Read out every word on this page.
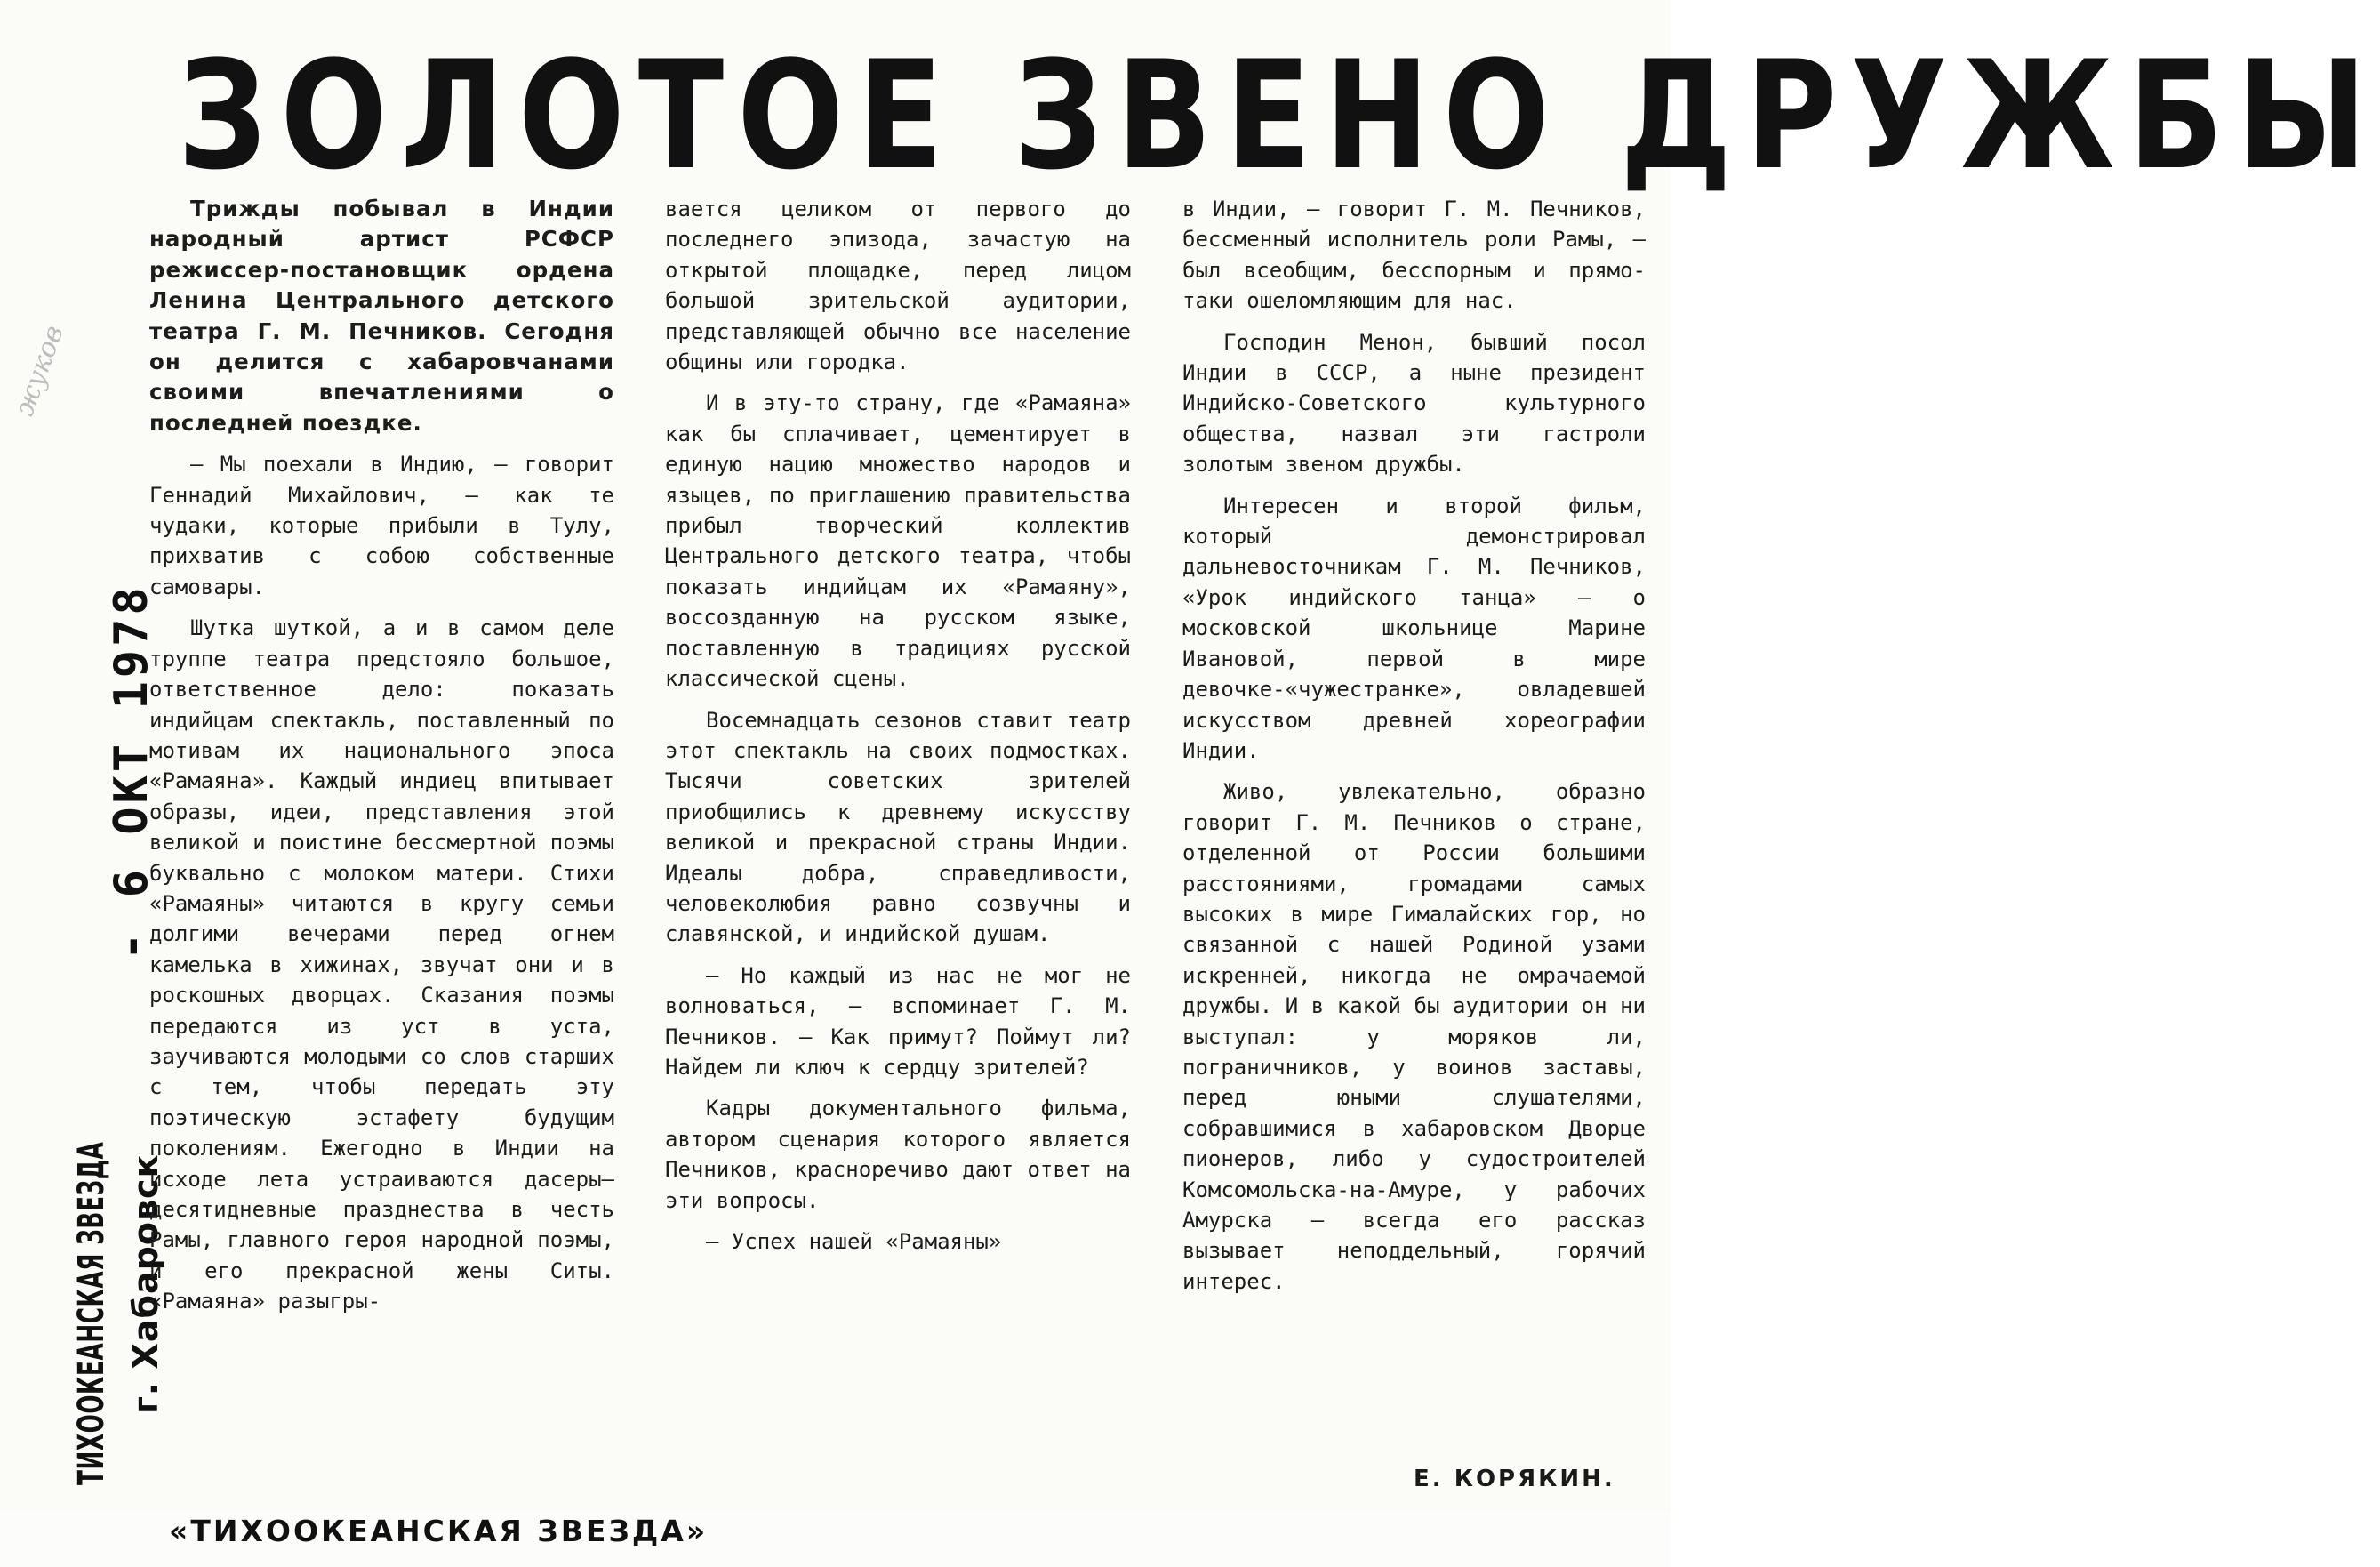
жуков
ЗОЛОТОЕ ЗВЕНО ДРУЖБЫ
- 6 ОКТ 1978
ТИХООКЕАНСКАЯ ЗВЕЗДА г. Хабаровск

Трижды побывал в Индии народный артист РСФСР режиссер-постановщик ордена Ленина Центрального детского театра Г. М. Печников. Сегодня он делится с хабаровчанами своими впечатлениями о последней поездке.

— Мы поехали в Индию, — говорит Геннадий Михайлович, — как те чудаки, которые прибыли в Тулу, прихватив с собою собственные самовары.

Шутка шуткой, а и в самом деле труппе театра предстояло большое, ответственное дело: показать индийцам спектакль, поставленный по мотивам их национального эпоса «Рамаяна». Каждый индиец впитывает образы, идеи, представления этой великой и поистине бессмертной поэмы буквально с молоком матери. Стихи «Рамаяны» читаются в кругу семьи долгими вечерами перед огнем камелька в хижинах, звучат они и в роскошных дворцах. Сказания поэмы передаются из уст в уста, заучиваются молодыми со слов старших с тем, чтобы передать эту поэтическую эстафету будущим поколениям. Ежегодно в Индии на исходе лета устраиваются дасеры—десятидневные празднества в честь Рамы, главного героя народной поэмы, и его прекрасной жены Ситы. «Рамаяна» разыгры-

вается целиком от первого до последнего эпизода, зачастую на открытой площадке, перед лицом большой зрительской аудитории, представляющей обычно все население общины или городка.

И в эту-то страну, где «Рамаяна» как бы сплачивает, цементирует в единую нацию множество народов и языцев, по приглашению правительства прибыл творческий коллектив Центрального детского театра, чтобы показать индийцам их «Рамаяну», воссозданную на русском языке, поставленную в традициях русской классической сцены.

Восемнадцать сезонов ставит театр этот спектакль на своих подмостках. Тысячи советских зрителей приобщились к древнему искусству великой и прекрасной страны Индии. Идеалы добра, справедливости, человеколюбия равно созвучны и славянской, и индийской душам.

— Но каждый из нас не мог не волноваться, — вспоминает Г. М. Печников. — Как примут? Поймут ли? Найдем ли ключ к сердцу зрителей?

Кадры документального фильма, автором сценария которого является Печников, красноречиво дают ответ на эти вопросы.

— Успех нашей «Рамаяны»

в Индии, — говорит Г. М. Печников, бессменный исполнитель роли Рамы, — был всеобщим, бесспорным и прямо-таки ошеломляющим для нас.

Господин Менон, бывший посол Индии в СССР, а ныне президент Индийско-Советского культурного общества, назвал эти гастроли золотым звеном дружбы.

Интересен и второй фильм, который демонстрировал дальневосточникам Г. М. Печников, «Урок индийского танца» — о московской школьнице Марине Ивановой, первой в мире девочке-«чужестранке», овладевшей искусством древней хореографии Индии.

Живо, увлекательно, образно говорит Г. М. Печников о стране, отделенной от России большими расстояниями, громадами самых высоких в мире Гималайских гор, но связанной с нашей Родиной узами искренней, никогда не омрачаемой дружбы. И в какой бы аудитории он ни выступал: у моряков ли, пограничников, у воинов заставы, перед юными слушателями, собравшимися в хабаровском Дворце пионеров, либо у судостроителей Комсомольска-на-Амуре, у рабочих Амурска — всегда его рассказ вызывает неподдельный, горячий интерес.

Е. КОРЯКИН.
«ТИХООКЕАНСКАЯ ЗВЕЗДА»
